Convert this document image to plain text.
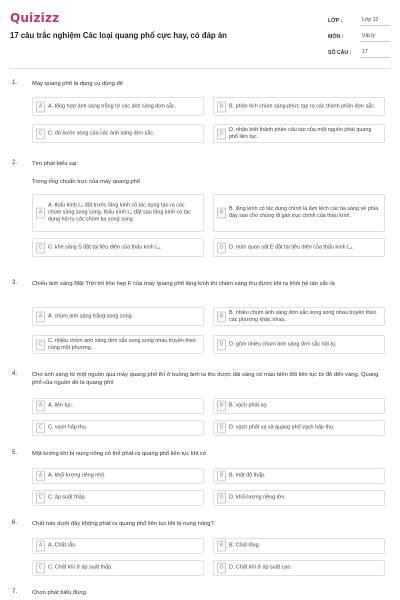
Quizizz
17 câu trắc nghiệm Các loại quang phổ cực hay, có đáp án
LỚP :	Lớp 12
MÔN :	Vật lý
SỐ CÂU :	17
1.	Máy quang phổ là dụng cụ dùng để
A	A. tổng hợp ánh sáng trắng từ các ánh sáng đơn sắc.	B	B. phân tích chùm sáng phức tạp ra các thành phần đơn sắc.
C	C. đo bước sóng của các ánh sáng đơn sắc.	D
D. nhận biết thành phần cấu tạo của một nguồn phát quang phổ liên tục.
2.	Tìm phát biểu sai:
Trong ống chuẩn trực của máy quang phổ
A
A. thấu kính L₁ đặt trước lăng kính có tác dụng tạo ra các chùm sáng song song, thấu kính L₂ đặt sau lăng kính có tác dụng hội tụ các chùm tia song song.
B
B. lăng kính có tác dụng chính là làm lệch các tia sáng về phía đáy sao cho chúng đi gần trục chính của thấu kính.
C	C. khe sáng S đặt tại tiêu diện của thấu kính L₁.	D	D. màn quan sát E đặt tại tiêu diện của thấu kính L₂.
3.	Chiếu ánh sáng Mặt Trời tới khe hẹp F của máy quang phổ lăng kính thì chùm sáng thu được khi ra khỏi hệ tán sắc là
A	A. chùm ánh sáng trắng song song.	B
B. nhiều chùm ánh sáng đơn sắc song song nhau truyền theo các phương khác nhau.
C
C. nhiều chùm ánh sáng đơn sắc song song nhau truyền theo cùng một phương.
D	D. gồm nhiều chùm ánh sáng đơn sắc hội tụ.
4.	Cho ánh sáng từ một nguồn qua máy quang phổ thì ở buồng ảnh ta thu được dải sáng có màu biến đổi liên tục từ đỏ đến vàng. Quang phổ của nguồn đó là quang phổ
A	A. liên tục.	B	B. vạch phát xạ.
C	C. vạch hấp thụ.	D	D. vạch phát xạ và quang phổ vạch hấp thụ.
5.	Một lượng khí bị nung nóng có thể phát ra quang phổ liên tục khi có
A	A. khối lượng riêng nhỏ.	B	B. mật độ thấp.
C	C. áp suất thấp.	D	D. khối lượng riêng lớn.
6.	Chất nào dưới đây không phát ra quang phổ liên tục khi bị nung nóng?
A	A. Chất rắn.	B	B. Chất lỏng.
C	C. Chất khí ở áp suất thấp.	D	D. Chất khí ở áp suất cao.
7.	Chọn phát biểu đúng.
